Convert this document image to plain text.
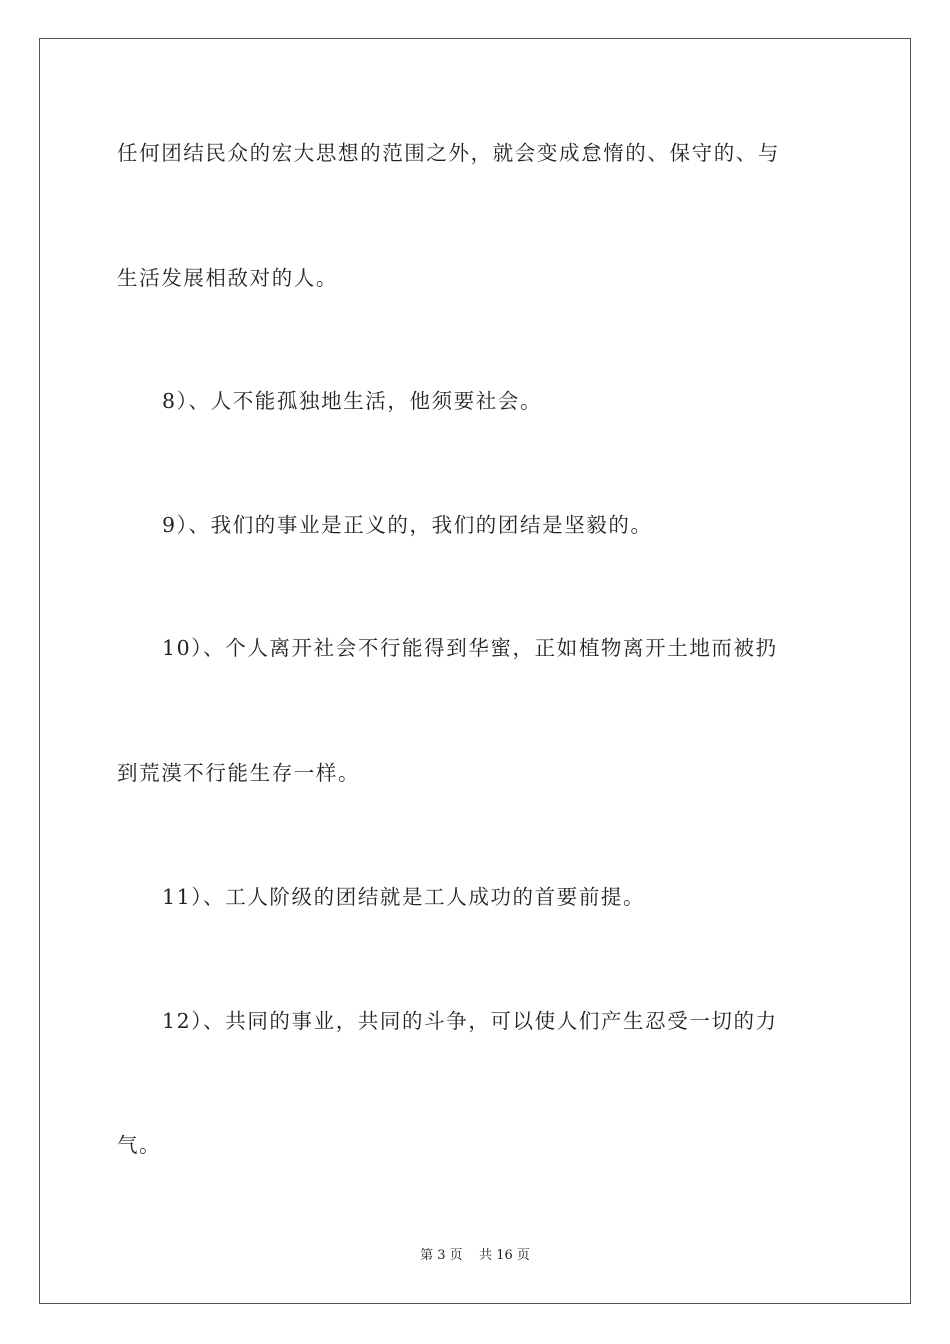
任何团结民众的宏大思想的范围之外，就会变成怠惰的、保守的、与
生活发展相敌对的人。
8）、人不能孤独地生活，他须要社会。
9）、我们的事业是正义的，我们的团结是坚毅的。
10）、个人离开社会不行能得到华蜜，正如植物离开土地而被扔
到荒漠不行能生存一样。
11）、工人阶级的团结就是工人成功的首要前提。
12）、共同的事业，共同的斗争，可以使人们产生忍受一切的力
气。
第 3 页    共 16 页
